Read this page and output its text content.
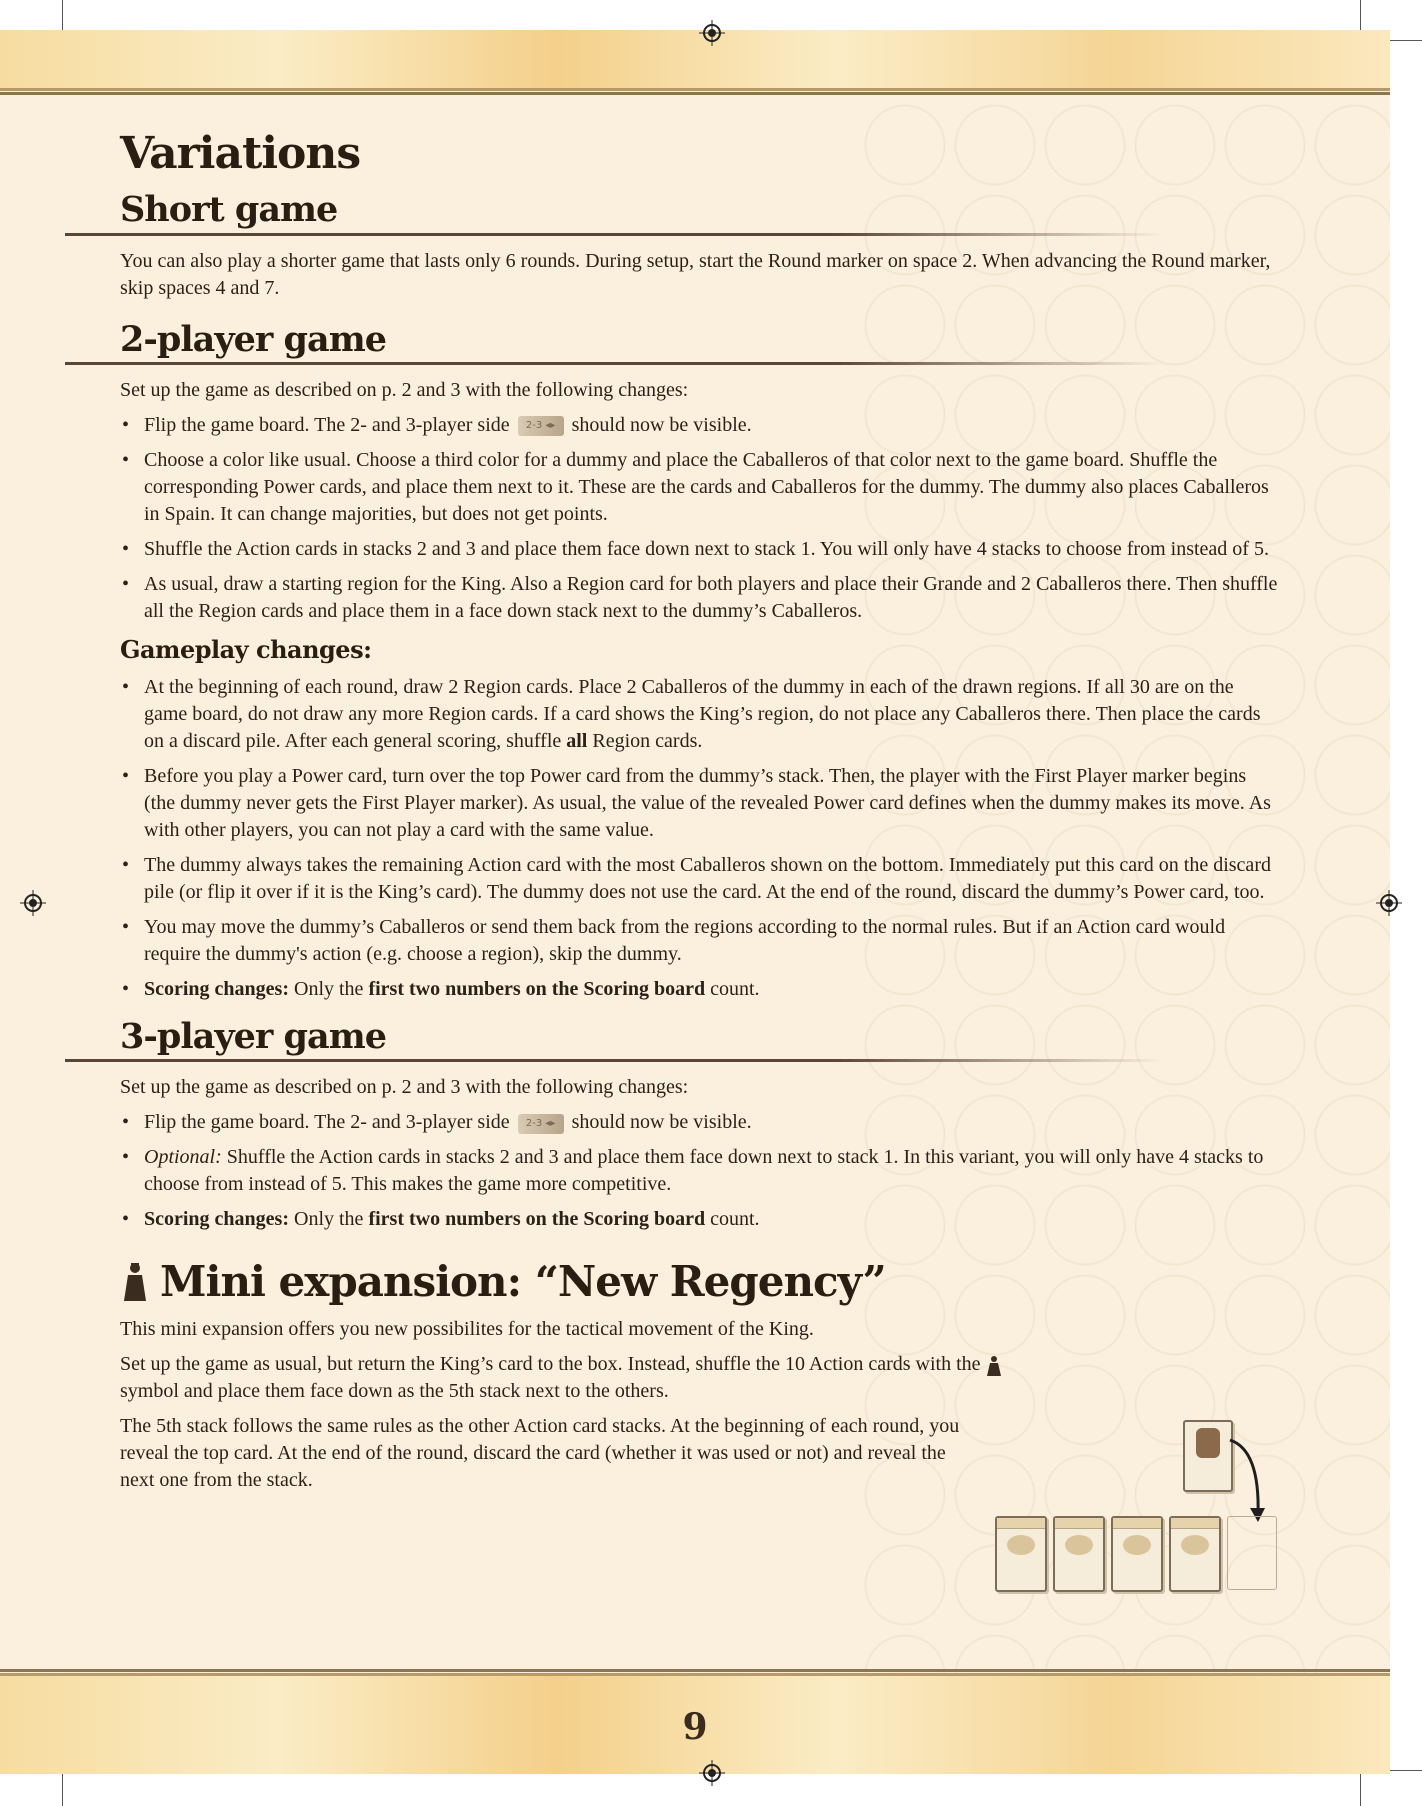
Variations
Short game

You can also play a shorter game that lasts only 6 rounds. During setup, start the Round marker on space 2. When advancing the Round marker, skip spaces 4 and 7.

2-player game

Set up the game as described on p. 2 and 3 with the following changes:

• Flip the game board. The 2- and 3-player side 2-3 ◂▸ should now be visible.
• Choose a color like usual. Choose a third color for a dummy and place the Caballeros of that color next to the game board. Shuffle the corresponding Power cards, and place them next to it. These are the cards and Caballeros for the dummy. The dummy also places Caballeros in Spain. It can change majorities, but does not get points.
• Shuffle the Action cards in stacks 2 and 3 and place them face down next to stack 1. You will only have 4 stacks to choose from instead of 5.
• As usual, draw a starting region for the King. Also a Region card for both players and place their Grande and 2 Caballeros there. Then shuffle all the Region cards and place them in a face down stack next to the dummy’s Caballeros.
Gameplay changes:
• At the beginning of each round, draw 2 Region cards. Place 2 Caballeros of the dummy in each of the drawn regions. If all 30 are on the game board, do not draw any more Region cards. If a card shows the King’s region, do not place any Caballeros there. Then place the cards on a discard pile. After each general scoring, shuffle all Region cards.
• Before you play a Power card, turn over the top Power card from the dummy’s stack. Then, the player with the First Player marker begins (the dummy never gets the First Player marker). As usual, the value of the revealed Power card defines when the dummy makes its move. As with other players, you can not play a card with the same value.
• The dummy always takes the remaining Action card with the most Caballeros shown on the bottom. Immediately put this card on the discard pile (or flip it over if it is the King’s card). The dummy does not use the card. At the end of the round, discard the dummy’s Power card, too.
• You may move the dummy’s Caballeros or send them back from the regions according to the normal rules. But if an Action card would require the dummy's action (e.g. choose a region), skip the dummy.
• Scoring changes: Only the first two numbers on the Scoring board count.
3-player game

Set up the game as described on p. 2 and 3 with the following changes:

• Flip the game board. The 2- and 3-player side 2-3 ◂▸ should now be visible.
• Optional: Shuffle the Action cards in stacks 2 and 3 and place them face down next to stack 1. In this variant, you will only have 4 stacks to choose from instead of 5. This makes the game more competitive.
• Scoring changes: Only the first two numbers on the Scoring board count.
Mini expansion: “New Regency”

This mini expansion offers you new possibilites for the tactical movement of the King.

Set up the game as usual, but return the King’s card to the box. Instead, shuffle the 10 Action cards with thesymbol and place them face down as the 5th stack next to the others.

The 5th stack follows the same rules as the other Action card stacks. At the beginning of each round, you reveal the top card. At the end of the round, discard the card (whether it was used or not) and reveal the next one from the stack.

9
